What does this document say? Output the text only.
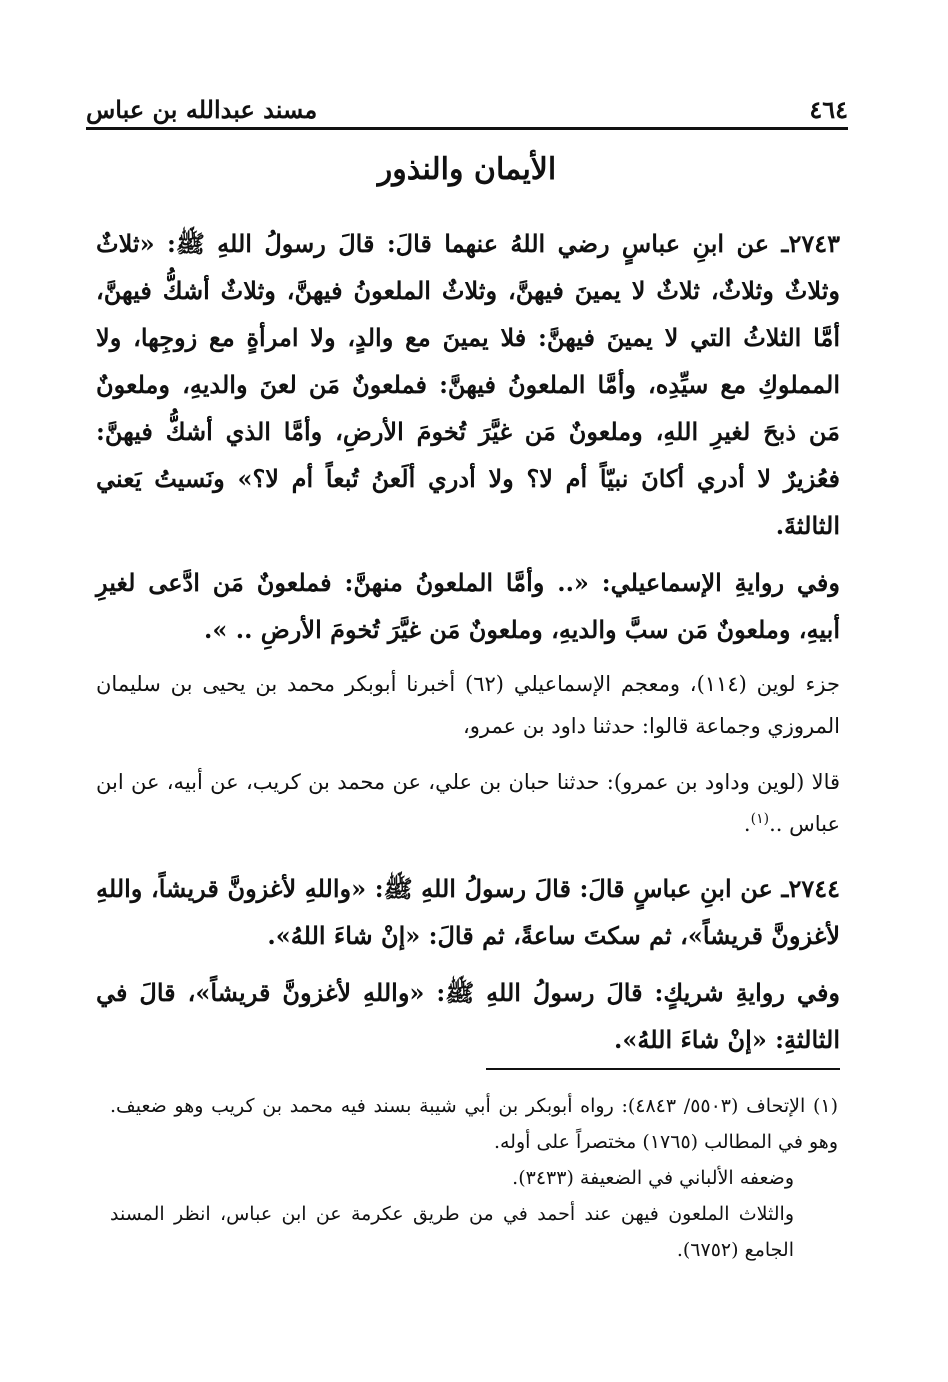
٤٦٤
مسند عبدالله بن عباس
الأيمان والنذور

٢٧٤٣ـ عن ابنِ عباسٍ رضي اللهُ عنهما قالَ: قالَ رسولُ اللهِ ﷺ: «ثلاثٌ وثلاثٌ وثلاثٌ، ثلاثٌ لا يمينَ فيهنَّ، وثلاثٌ الملعونُ فيهنَّ، وثلاثٌ أشكُّ فيهنَّ، أمَّا الثلاثُ التي لا يمينَ فيهنَّ: فلا يمينَ مع والدٍ، ولا امرأةٍ مع زوجِها، ولا المملوكِ مع سيِّدِه، وأمَّا الملعونُ فيهنَّ: فملعونٌ مَن لعنَ والديهِ، وملعونٌ مَن ذبحَ لغيرِ اللهِ، وملعونٌ مَن غيَّرَ تُخومَ الأرضِ، وأمَّا الذي أشكُّ فيهنَّ: فعُزيرٌ لا أدري أكانَ نبيّاً أم لا؟ ولا أدري ألَعنُ تُبعاً أم لا؟» ونَسيتُ يَعني الثالثةَ.

وفي روايةِ الإسماعيلي: «.. وأمَّا الملعونُ منهنَّ: فملعونٌ مَن ادَّعى لغيرِ أبيهِ، وملعونٌ مَن سبَّ والديهِ، وملعونٌ مَن غيَّرَ تُخومَ الأرضِ .. ».

جزء لوين (١١٤)، ومعجم الإسماعيلي (٦٢) أخبرنا أبوبكر محمد بن يحيى بن سليمان المروزي وجماعة قالوا: حدثنا داود بن عمرو،

قالا (لوين وداود بن عمرو): حدثنا حبان بن علي، عن محمد بن كريب، عن أبيه، عن ابن عباس ..$^{(١)}$.

٢٧٤٤ـ عن ابنِ عباسٍ قالَ: قالَ رسولُ اللهِ ﷺ: «واللهِ لأغزونَّ قريشاً، واللهِ لأغزونَّ قريشاً»، ثم سكتَ ساعةً، ثم قالَ: «إنْ شاءَ اللهُ».

وفي روايةِ شريكٍ: قالَ رسولُ اللهِ ﷺ: «واللهِ لأغزونَّ قريشاً»، قالَ في الثالثةِ: «إنْ شاءَ اللهُ».

(١) الإتحاف (٥٥٠٣/ ٤٨٤٣): رواه أبوبكر بن أبي شيبة بسند فيه محمد بن كريب وهو ضعيف. وهو في المطالب (١٧٦٥) مختصراً على أوله.

وضعفه الألباني في الضعيفة (٣٤٣٣).

والثلاث الملعون فيهن عند أحمد في من طريق عكرمة عن ابن عباس، انظر المسند الجامع (٦٧٥٢).
